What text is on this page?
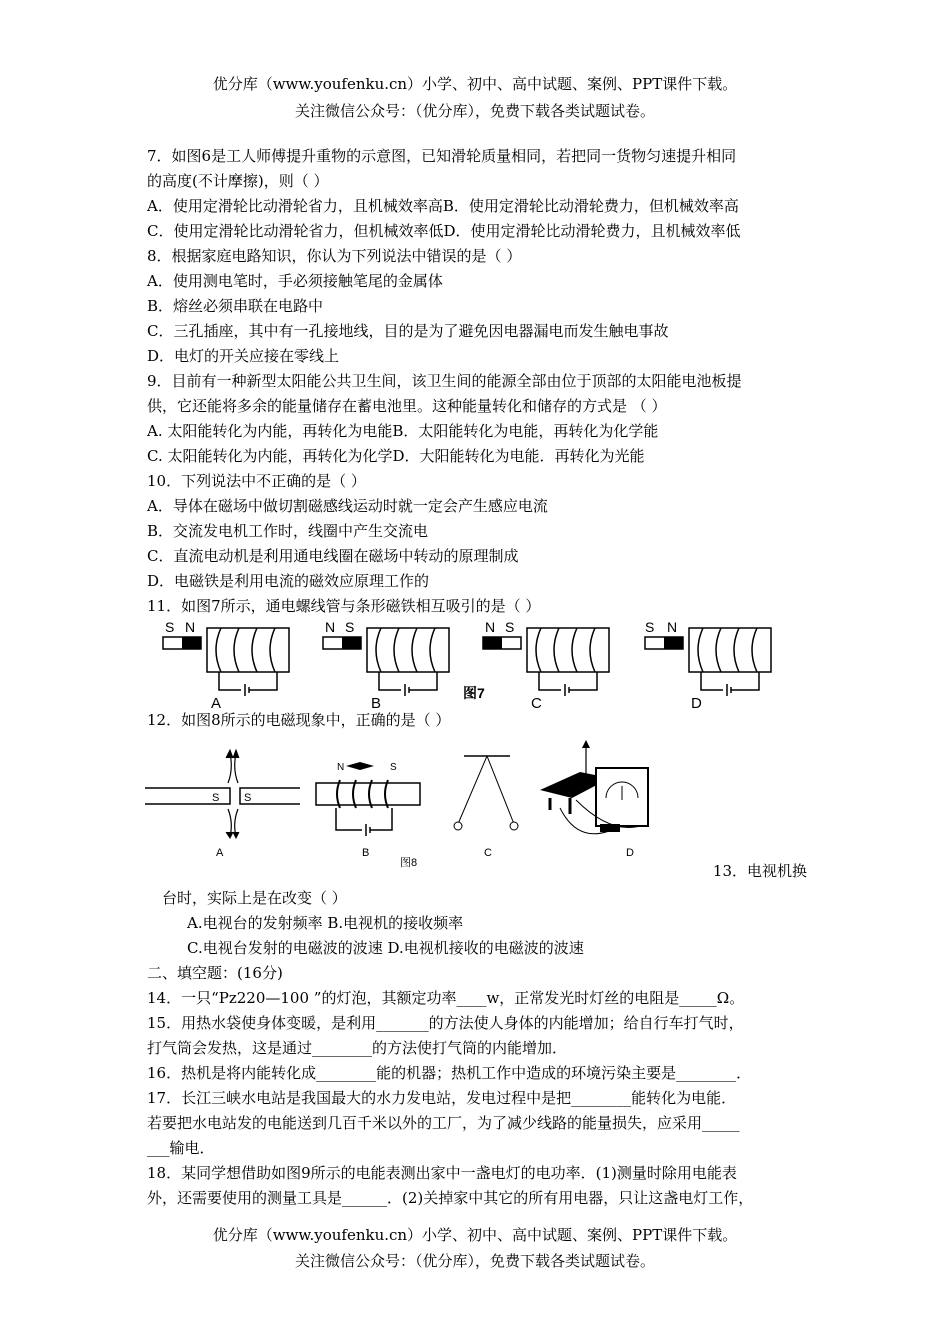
优分库（www.youfenku.cn）小学、初中、高中试题、案例、PPT课件下载。
关注微信公众号：（优分库），免费下载各类试题试卷。
7．如图6是工人师傅提升重物的示意图，已知滑轮质量相同，若把同一货物匀速提升相同
的高度(不计摩擦)，则（ ）
A．使用定滑轮比动滑轮省力，且机械效率高B．使用定滑轮比动滑轮费力，但机械效率高
C．使用定滑轮比动滑轮省力，但机械效率低D．使用定滑轮比动滑轮费力，且机械效率低
8．根据家庭电路知识，你认为下列说法中错误的是（ ）
A．使用测电笔时，手必须接触笔尾的金属体
B．熔丝必须串联在电路中
C．三孔插座，其中有一孔接地线，目的是为了避免因电器漏电而发生触电事故
D．电灯的开关应接在零线上
9．目前有一种新型太阳能公共卫生间，该卫生间的能源全部由位于顶部的太阳能电池板提
供，它还能将多余的能量储存在蓄电池里。这种能量转化和储存的方式是 （ ）
A. 太阳能转化为内能，再转化为电能B．太阳能转化为电能，再转化为化学能
C. 太阳能转化为内能，再转化为化学D．大阳能转化为电能．再转化为光能
10．下列说法中不正确的是（ ）
A．导体在磁场中做切割磁感线运动时就一定会产生感应电流
B．交流发电机工作时，线圈中产生交流电
C．直流电动机是利用通电线圈在磁场中转动的原理制成
D．电磁铁是利用电流的磁效应原理工作的
11．如图7所示，通电螺线管与条形磁铁相互吸引的是（ ）
S N
A
N S
B
图7
N S
C
S N
D
12．如图8所示的电磁现象中，正确的是（ ）
S S
A
N	S
B	C	D
图8	13．电视机换
台时，实际上是在改变（ ）
A.电视台的发射频率 B.电视机的接收频率
C.电视台发射的电磁波的波速 D.电视机接收的电磁波的波速
二、填空题：(16分)
14．一只“Pz220—100 ”的灯泡，其额定功率____w，正常发光时灯丝的电阻是_____Ω。
15．用热水袋使身体变暖，是利用_______的方法使人身体的内能增加；给自行车打气时，
打气筒会发热，这是通过________的方法使打气筒的内能增加．
16．热机是将内能转化成________能的机器；热机工作中造成的环境污染主要是________．
17．长江三峡水电站是我国最大的水力发电站，发电过程中是把________能转化为电能．
若要把水电站发的电能送到几百千米以外的工厂，为了减少线路的能量损失，应采用_____
___输电．
18．某同学想借助如图9所示的电能表测出家中一盏电灯的电功率．(1)测量时除用电能表
外，还需要使用的测量工具是______．(2)关掉家中其它的所有用电器，只让这盏电灯工作，
优分库（www.youfenku.cn）小学、初中、高中试题、案例、PPT课件下载。
关注微信公众号：（优分库），免费下载各类试题试卷。
